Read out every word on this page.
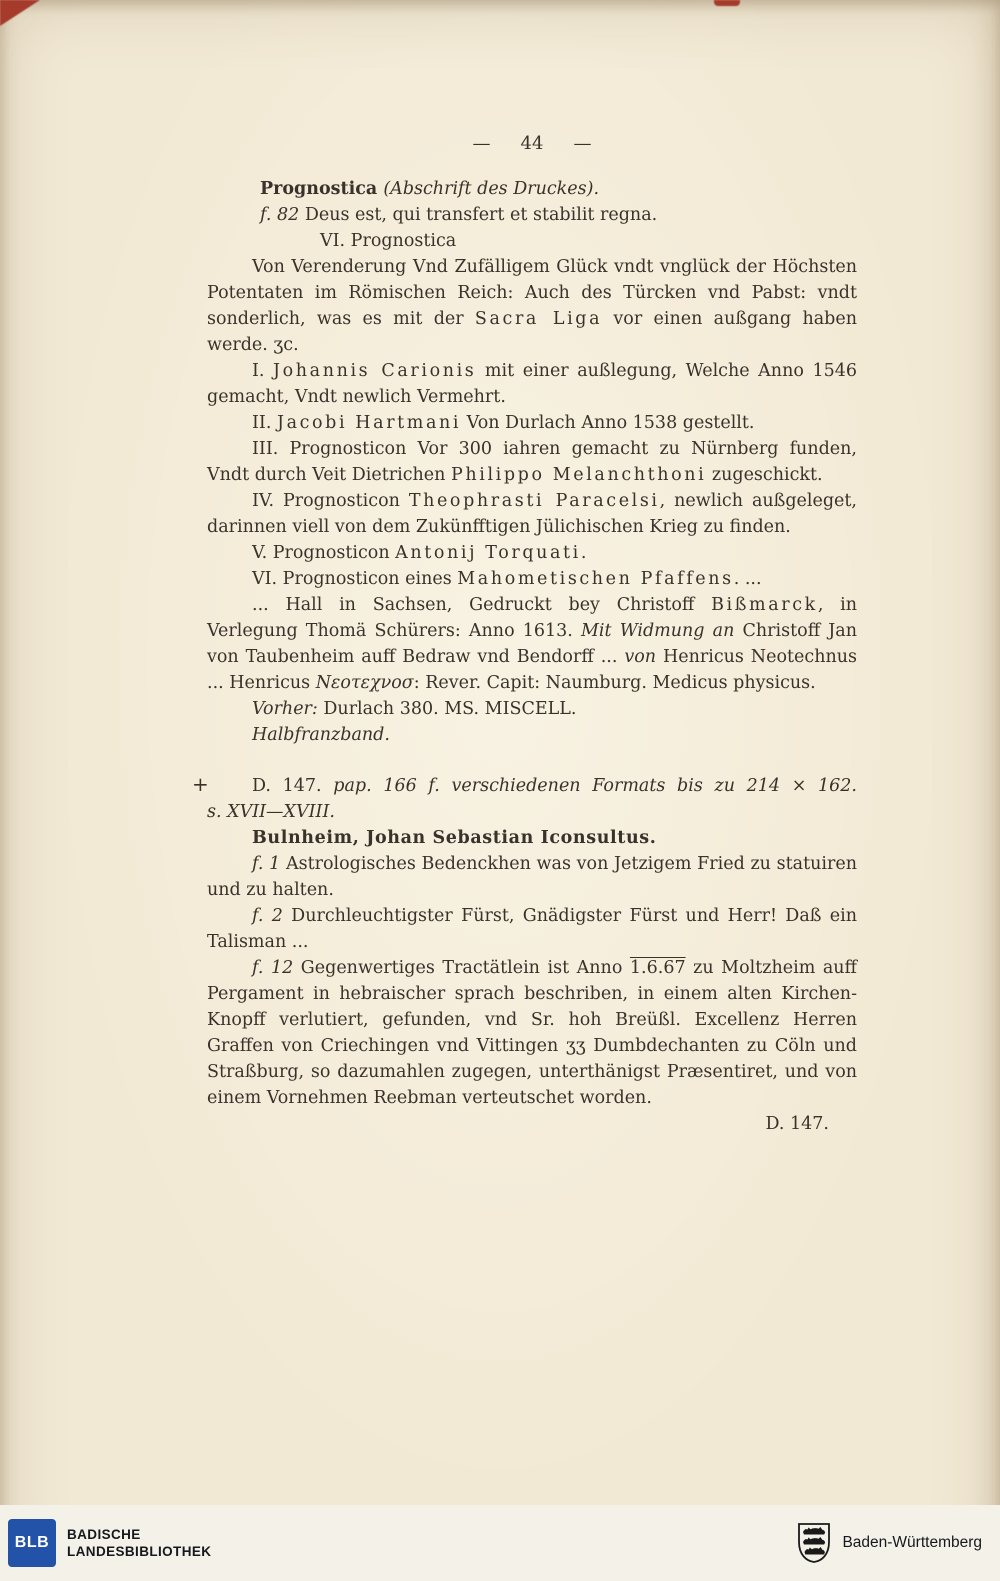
— 44 —

Prognostica (Abschrift des Druckes).

f. 82 Deus est, qui transfert et stabilit regna.

VI. Prognostica

Von Verenderung Vnd Zufälligem Glück vndt vnglück der Höchsten Potentaten im Römischen Reich: Auch des Türcken vnd Pabst: vndt sonderlich, was es mit der Sacra Liga vor einen außgang haben werde. ʒc.

I. Johannis Carionis mit einer außlegung, Welche Anno 1546 gemacht, Vndt newlich Vermehrt.

II. Jacobi Hartmani Von Durlach Anno 1538 gestellt.

III. Prognosticon Vor 300 iahren gemacht zu Nürnberg funden, Vndt durch Veit Dietrichen Philippo Melanchthoni zugeschickt.

IV. Prognosticon Theophrasti Paracelsi, newlich außgeleget, darinnen viell von dem Zukünfftigen Jülichischen Krieg zu finden.

V. Prognosticon Antonij Torquati.

VI. Prognosticon eines Mahometischen Pfaffens. ...

... Hall in Sachsen, Gedruckt bey Christoff Bißmarck, in Verlegung Thomä Schürers: Anno 1613. Mit Widmung an Christoff Jan von Taubenheim auff Bedraw vnd Bendorff ... von Henricus Neotechnus ... Henricus Νεοτεχνοσ: Rever. Capit: Naumburg. Medicus physicus.

Vorher: Durlach 380. MS. MISCELL.

Halbfranzband.

+	D. 147. pap. 166 f. verschiedenen Formats bis zu 214 × 162.
s. XVII—XVIII.

Bulnheim, Johan Sebastian Iconsultus.

f. 1 Astrologisches Bedenckhen was von Jetzigem Fried zu statuiren und zu halten.

f. 2 Durchleuchtigster Fürst, Gnädigster Fürst und Herr! Daß ein Talisman ...

f. 12 Gegenwertiges Tractätlein ist Anno 1.6.67 zu Moltzheim auff Pergament in hebraischer sprach beschriben, in einem alten Kirchen-Knopff verlutiert, gefunden, vnd Sr. hoh Breüßl. Excellenz Herren Graffen von Criechingen vnd Vittingen ʒʒ Dumbdechanten zu Cöln und Straßburg, so dazumahlen zugegen, unterthänigst Præsentiret, und von einem Vornehmen Reebman verteutschet worden.

D. 147.

BLB BADISCHE
LANDESBIBLIOTHEK
Baden-Württemberg
